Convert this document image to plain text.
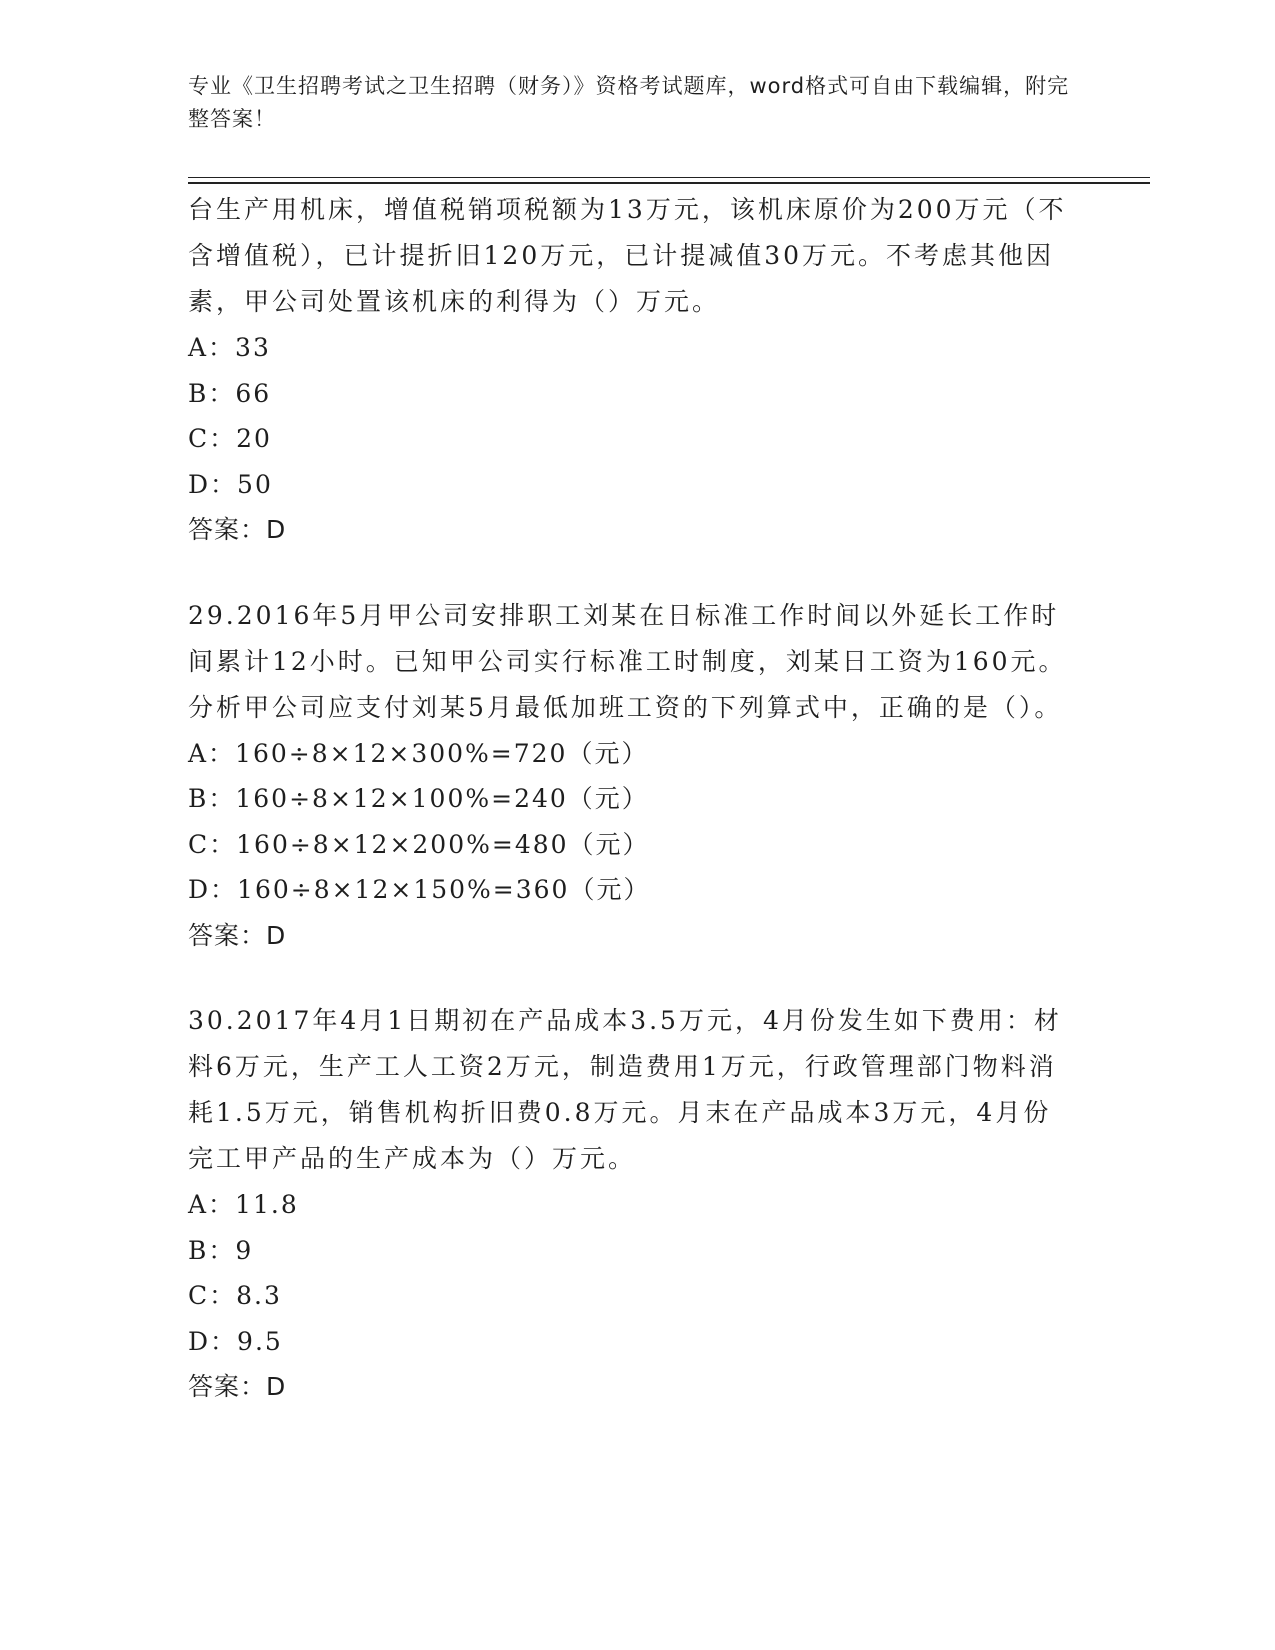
专业《卫生招聘考试之卫生招聘（财务）》资格考试题库，word格式可自由下载编辑，附完整答案！

台生产用机床，增值税销项税额为13万元，该机床原价为200万元（不含增值税），已计提折旧120万元，已计提减值30万元。不考虑其他因素，甲公司处置该机床的利得为（）万元。

A：33

B：66

C：20

D：50

答案：D

29.2016年5月甲公司安排职工刘某在日标准工作时间以外延长工作时间累计12小时。已知甲公司实行标准工时制度，刘某日工资为160元。分析甲公司应支付刘某5月最低加班工资的下列算式中，正确的是（）。

A：160÷8×12×300%=720（元）

B：160÷8×12×100%=240（元）

C：160÷8×12×200%=480（元）

D：160÷8×12×150%=360（元）

答案：D

30.2017年4月1日期初在产品成本3.5万元，4月份发生如下费用：材料6万元，生产工人工资2万元，制造费用1万元，行政管理部门物料消耗1.5万元，销售机构折旧费0.8万元。月末在产品成本3万元，4月份完工甲产品的生产成本为（）万元。

A：11.8

B：9

C：8.3

D：9.5

答案：D
